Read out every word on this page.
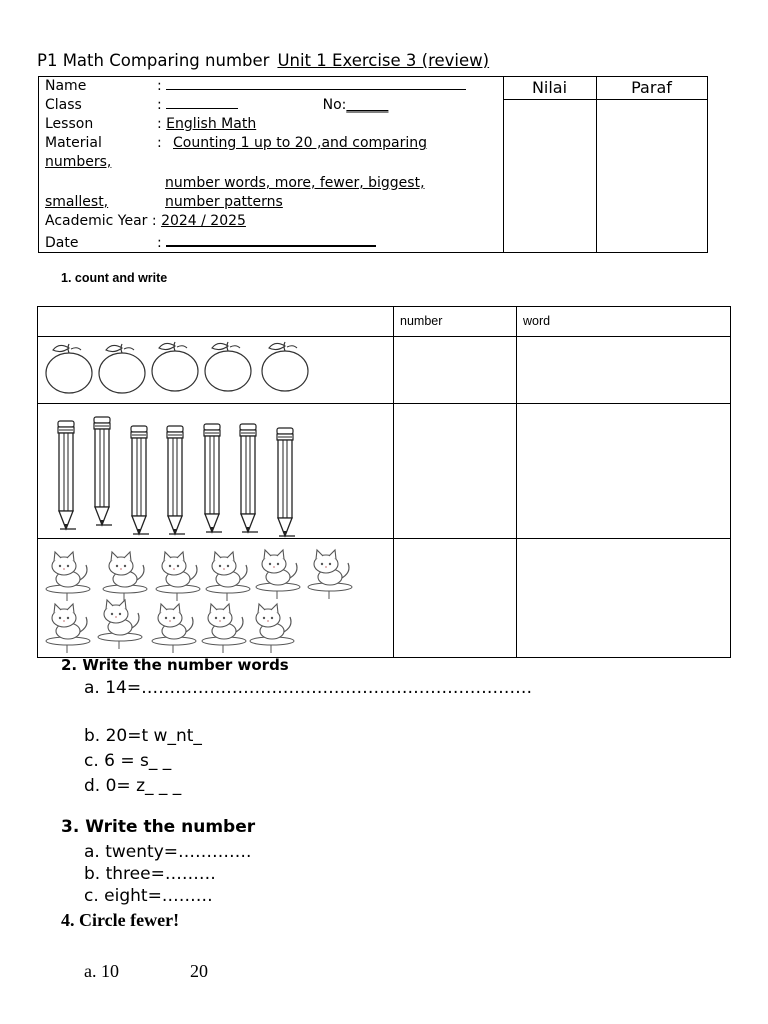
P1 Math Comparing number Unit 1 Exercise 3 (review)
Nilai	Paraf
Name	:
Class	:	No:______
Lesson	: English Math
Material	: Counting 1 up to 20 ,and comparing
numbers,
number words, more, fewer, biggest,
smallest,	number patterns
Academic Year : 2024 / 2025
Date	:
1. count and write
number	word
2. Write the number words
a. 14=……………………………………………………………
b. 20=t w_nt_
c. 6 = s_ _
d. 0= z_ _ _
3. Write the number
a. twenty=………….
b. three=………
c. eight=………
4. Circle fewer!
a. 10	20
